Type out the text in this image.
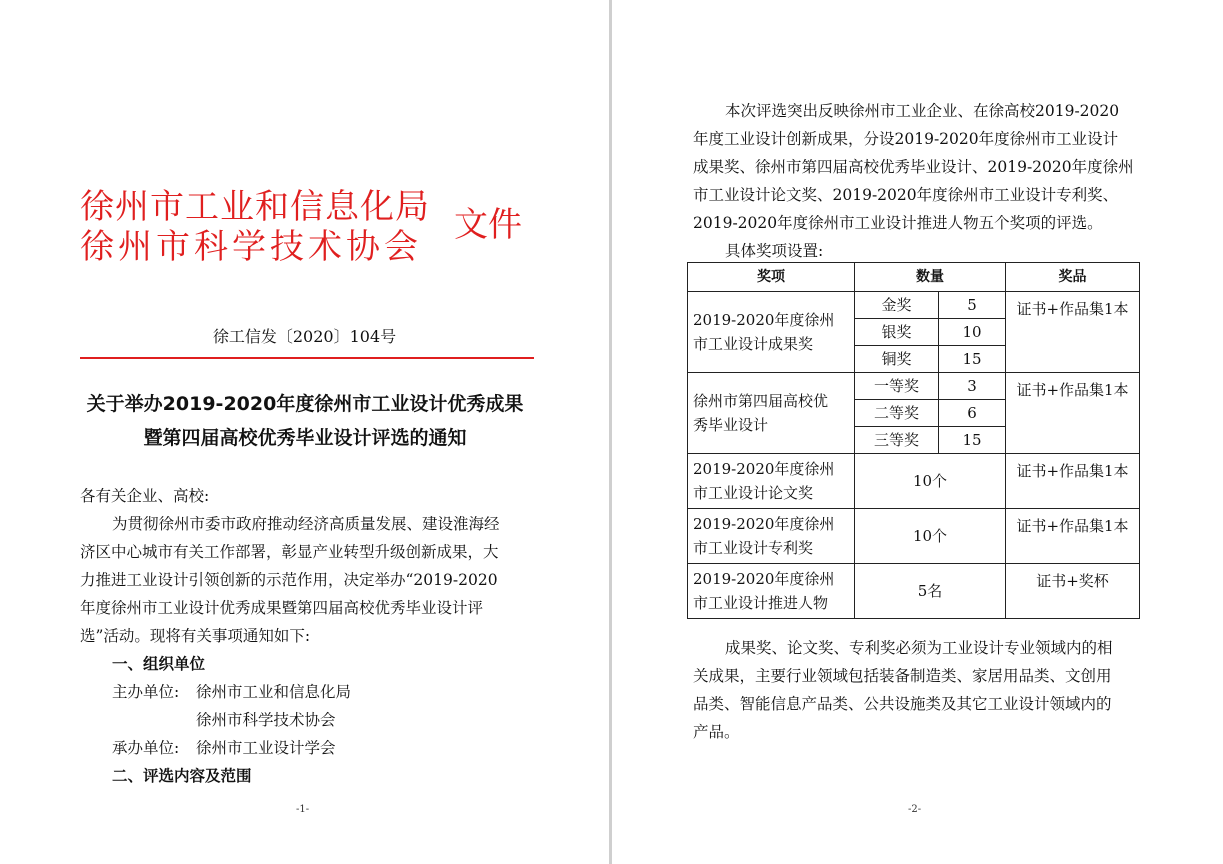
徐州市工业和信息化局
徐州市科学技术协会
文件
徐工信发〔2020〕104号
关于举办2019-2020年度徐州市工业设计优秀成果
暨第四届高校优秀毕业设计评选的通知
各有关企业、高校:
为贯彻徐州市委市政府推动经济高质量发展、建设淮海经
济区中心城市有关工作部署，彰显产业转型升级创新成果，大
力推进工业设计引领创新的示范作用，决定举办“2019-2020
年度徐州市工业设计优秀成果暨第四届高校优秀毕业设计评
选”活动。现将有关事项通知如下:
一、组织单位
主办单位: 徐州市工业和信息化局
徐州市科学技术协会
承办单位: 徐州市工业设计学会
二、评选内容及范围
-1-
本次评选突出反映徐州市工业企业、在徐高校2019-2020
年度工业设计创新成果，分设2019-2020年度徐州市工业设计
成果奖、徐州市第四届高校优秀毕业设计、2019-2020年度徐州
市工业设计论文奖、2019-2020年度徐州市工业设计专利奖、
2019-2020年度徐州市工业设计推进人物五个奖项的评选。
具体奖项设置:
奖项	数量		奖品

2019-2020年度徐州
市工业设计成果奖	金奖	5	证书+作品集1本
	银奖	10	
	铜奖	15	

徐州市第四届高校优
秀毕业设计	一等奖	3	证书+作品集1本
	二等奖	6	
	三等奖	15	

2019-2020年度徐州
市工业设计论文奖	10个		证书+作品集1本

2019-2020年度徐州
市工业设计专利奖	10个		证书+作品集1本

2019-2020年度徐州
市工业设计推进人物	5名		证书+奖杯
成果奖、论文奖、专利奖必须为工业设计专业领域内的相
关成果，主要行业领域包括装备制造类、家居用品类、文创用
品类、智能信息产品类、公共设施类及其它工业设计领域内的
产品。
-2-
